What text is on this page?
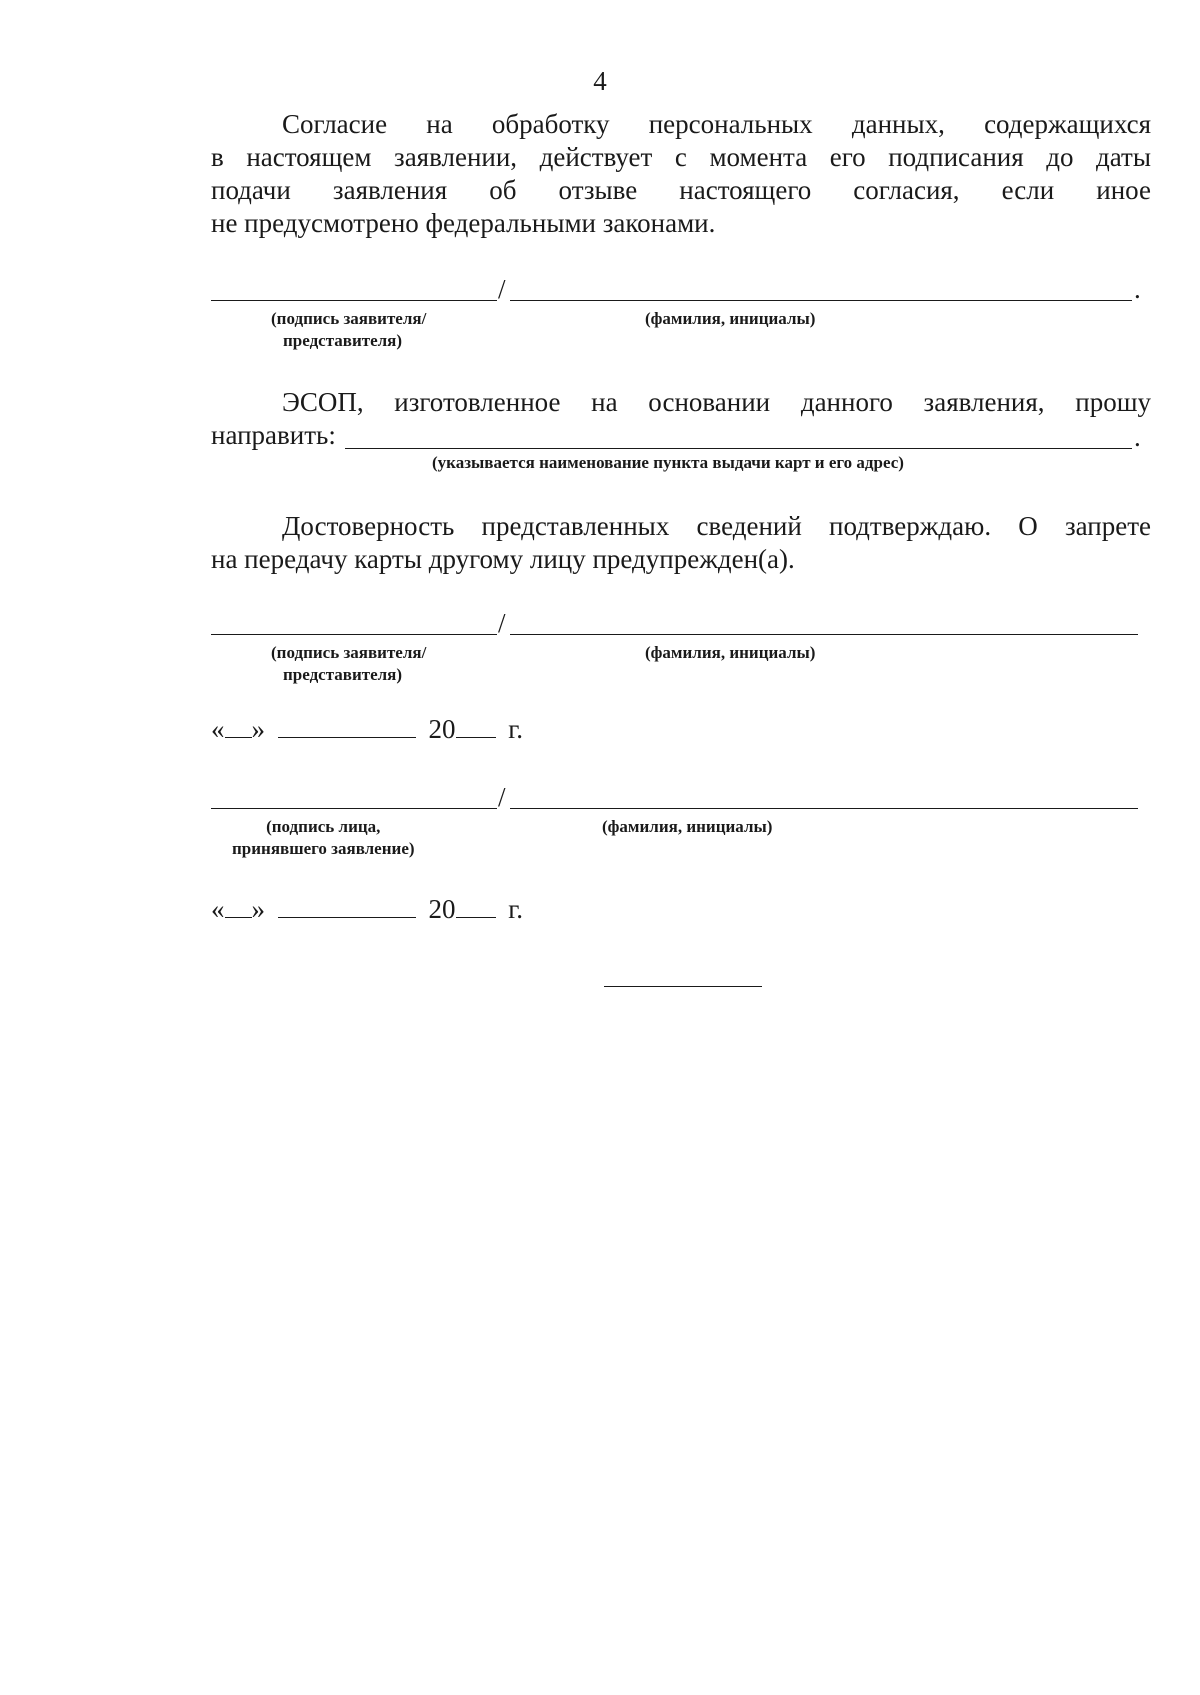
4
Согласие на обработку персональных данных, содержащихся
в настоящем заявлении, действует с момента его подписания до даты
подачи заявления об отзыве настоящего согласия, если иное
не предусмотрено федеральными законами.
/	.
(подпись заявителя/
представителя)
(фамилия, инициалы)
ЭСОП, изготовленное на основании данного заявления, прошу
направить:	.
(указывается наименование пункта выдачи карт и его адрес)
Достоверность представленных сведений подтверждаю. О запрете
на передачу карты другому лицу предупрежден(а).
/
(подпись заявителя/
представителя)
(фамилия, инициалы)
« »	20 г.
/
(подпись лица,
принявшего заявление)
(фамилия, инициалы)
« »	20 г.
